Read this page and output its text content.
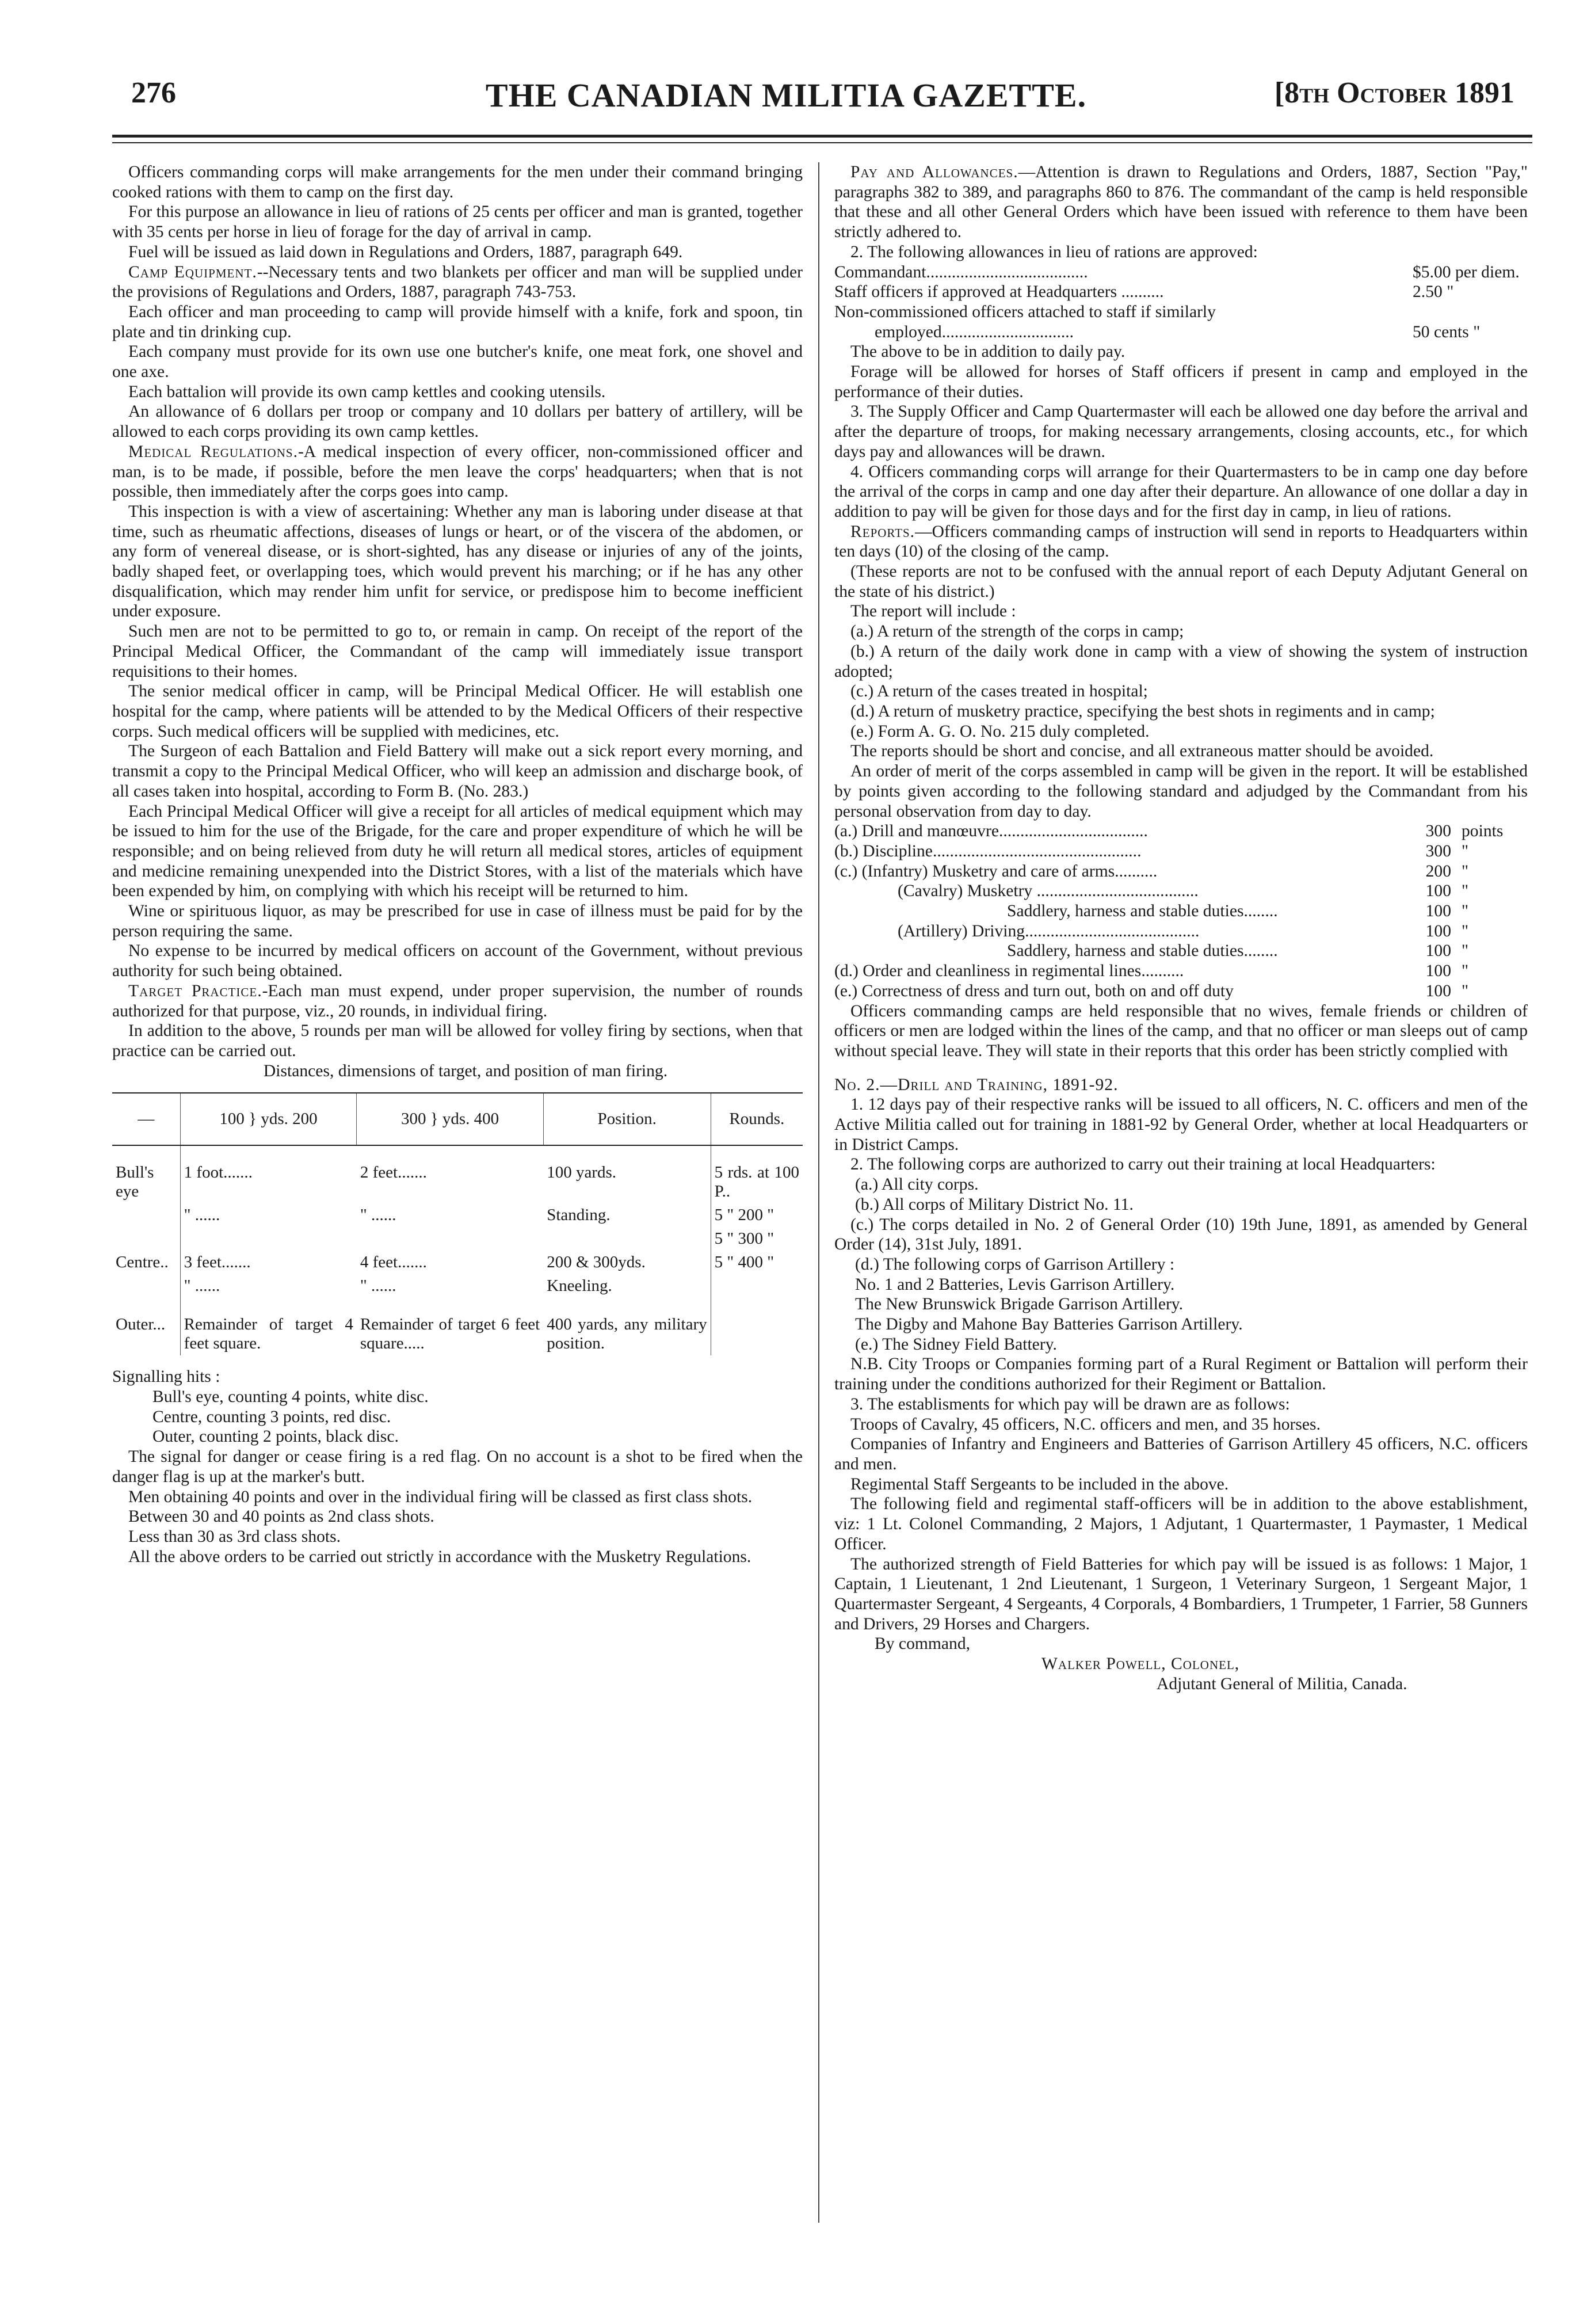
276	THE CANADIAN MILITIA GAZETTE.	[8th October 1891

Officers commanding corps will make arrangements for the men under their command bringing cooked rations with them to camp on the first day.

For this purpose an allowance in lieu of rations of 25 cents per officer and man is granted, together with 35 cents per horse in lieu of forage for the day of arrival in camp.

Fuel will be issued as laid down in Regulations and Orders, 1887, paragraph 649.

Camp Equipment.--Necessary tents and two blankets per officer and man will be supplied under the provisions of Regulations and Orders, 1887, paragraph 743-753.

Each officer and man proceeding to camp will provide himself with a knife, fork and spoon, tin plate and tin drinking cup.

Each company must provide for its own use one butcher's knife, one meat fork, one shovel and one axe.

Each battalion will provide its own camp kettles and cooking utensils.

An allowance of 6 dollars per troop or company and 10 dollars per battery of artillery, will be allowed to each corps providing its own camp kettles.

Medical Regulations.-A medical inspection of every officer, non-commissioned officer and man, is to be made, if possible, before the men leave the corps' headquarters; when that is not possible, then immediately after the corps goes into camp.

This inspection is with a view of ascertaining: Whether any man is laboring under disease at that time, such as rheumatic affections, diseases of lungs or heart, or of the viscera of the abdomen, or any form of venereal disease, or is short-sighted, has any disease or injuries of any of the joints, badly shaped feet, or overlapping toes, which would prevent his marching; or if he has any other disqualification, which may render him unfit for service, or predispose him to become inefficient under exposure.

Such men are not to be permitted to go to, or remain in camp. On receipt of the report of the Principal Medical Officer, the Commandant of the camp will immediately issue transport requisitions to their homes.

The senior medical officer in camp, will be Principal Medical Officer. He will establish one hospital for the camp, where patients will be attended to by the Medical Officers of their respective corps. Such medical officers will be supplied with medicines, etc.

The Surgeon of each Battalion and Field Battery will make out a sick report every morning, and transmit a copy to the Principal Medical Officer, who will keep an admission and discharge book, of all cases taken into hospital, according to Form B. (No. 283.)

Each Principal Medical Officer will give a receipt for all articles of medical equipment which may be issued to him for the use of the Brigade, for the care and proper expenditure of which he will be responsible; and on being relieved from duty he will return all medical stores, articles of equipment and medicine remaining unexpended into the District Stores, with a list of the materials which have been expended by him, on complying with which his receipt will be returned to him.

Wine or spirituous liquor, as may be prescribed for use in case of illness must be paid for by the person requiring the same.

No expense to be incurred by medical officers on account of the Government, without previous authority for such being obtained.

Target Practice.-Each man must expend, under proper supervision, the number of rounds authorized for that purpose, viz., 20 rounds, in individual firing.

In addition to the above, 5 rounds per man will be allowed for volley firing by sections, when that practice can be carried out.

Distances, dimensions of target, and position of man firing.

—	100 } yds. 200	300 } yds. 400	Position.	Rounds.
Bull's eye	1 foot.......	2 feet.......	100 yards.	5 rds. at 100 P..
	" ......	" ......	Standing.	5 " 200 "
				5 " 300 "
Centre..	3 feet.......	4 feet.......	200 & 300yds.	5 " 400 "
	" ......	" ......	Kneeling.	
Outer...	Remainder of target 4 feet square.	Remainder of target 6 feet square.....	400 yards, any military position.	

Signalling hits :

Bull's eye, counting 4 points, white disc.

Centre, counting 3 points, red disc.

Outer, counting 2 points, black disc.

The signal for danger or cease firing is a red flag. On no account is a shot to be fired when the danger flag is up at the marker's butt.

Men obtaining 40 points and over in the individual firing will be classed as first class shots.

Between 30 and 40 points as 2nd class shots.

Less than 30 as 3rd class shots.

All the above orders to be carried out strictly in accordance with the Musketry Regulations.

Pay and Allowances.—Attention is drawn to Regulations and Orders, 1887, Section "Pay," paragraphs 382 to 389, and paragraphs 860 to 876. The commandant of the camp is held responsible that these and all other General Orders which have been issued with reference to them have been strictly adhered to.

2. The following allowances in lieu of rations are approved:

Commandant......................................	$5.00 per diem.
Staff officers if approved at Headquarters ..........	2.50 "
Non-commissioned officers attached to staff if similarly
employed...............................	50 cents "

The above to be in addition to daily pay.

Forage will be allowed for horses of Staff officers if present in camp and employed in the performance of their duties.

3. The Supply Officer and Camp Quartermaster will each be allowed one day before the arrival and after the departure of troops, for making necessary arrangements, closing accounts, etc., for which days pay and allowances will be drawn.

4. Officers commanding corps will arrange for their Quartermasters to be in camp one day before the arrival of the corps in camp and one day after their departure. An allowance of one dollar a day in addition to pay will be given for those days and for the first day in camp, in lieu of rations.

Reports.—Officers commanding camps of instruction will send in reports to Headquarters within ten days (10) of the closing of the camp.

(These reports are not to be confused with the annual report of each Deputy Adjutant General on the state of his district.)

The report will include :

(a.) A return of the strength of the corps in camp;

(b.) A return of the daily work done in camp with a view of showing the system of instruction adopted;

(c.) A return of the cases treated in hospital;

(d.) A return of musketry practice, specifying the best shots in regiments and in camp;

(e.) Form A. G. O. No. 215 duly completed.

The reports should be short and concise, and all extraneous matter should be avoided.

An order of merit of the corps assembled in camp will be given in the report. It will be established by points given according to the following standard and adjudged by the Commandant from his personal observation from day to day.

(a.) Drill and manœuvre...................................	300 points
(b.) Discipline.................................................	300 "
(c.) (Infantry) Musketry and care of arms..........	200 "
(Cavalry) Musketry ......................................	100 "
Saddlery, harness and stable duties........	100 "
(Artillery) Driving.........................................	100 "
Saddlery, harness and stable duties........	100 "
(d.) Order and cleanliness in regimental lines..........	100 "
(e.) Correctness of dress and turn out, both on and off duty	100 "

Officers commanding camps are held responsible that no wives, female friends or children of officers or men are lodged within the lines of the camp, and that no officer or man sleeps out of camp without special leave. They will state in their reports that this order has been strictly complied with

No. 2.—Drill and Training, 1891-92.

1. 12 days pay of their respective ranks will be issued to all officers, N. C. officers and men of the Active Militia called out for training in 1881-92 by General Order, whether at local Headquarters or in District Camps.

2. The following corps are authorized to carry out their training at local Headquarters:

(a.) All city corps.

(b.) All corps of Military District No. 11.

(c.) The corps detailed in No. 2 of General Order (10) 19th June, 1891, as amended by General Order (14), 31st July, 1891.

(d.) The following corps of Garrison Artillery :

No. 1 and 2 Batteries, Levis Garrison Artillery.

The New Brunswick Brigade Garrison Artillery.

The Digby and Mahone Bay Batteries Garrison Artillery.

(e.) The Sidney Field Battery.

N.B. City Troops or Companies forming part of a Rural Regiment or Battalion will perform their training under the conditions authorized for their Regiment or Battalion.

3. The establisments for which pay will be drawn are as follows:

Troops of Cavalry, 45 officers, N.C. officers and men, and 35 horses.

Companies of Infantry and Engineers and Batteries of Garrison Artillery 45 officers, N.C. officers and men.

Regimental Staff Sergeants to be included in the above.

The following field and regimental staff-officers will be in addition to the above establishment, viz: 1 Lt. Colonel Commanding, 2 Majors, 1 Adjutant, 1 Quartermaster, 1 Paymaster, 1 Medical Officer.

The authorized strength of Field Batteries for which pay will be issued is as follows: 1 Major, 1 Captain, 1 Lieutenant, 1 2nd Lieutenant, 1 Surgeon, 1 Veterinary Surgeon, 1 Sergeant Major, 1 Quartermaster Sergeant, 4 Sergeants, 4 Corporals, 4 Bombardiers, 1 Trumpeter, 1 Farrier, 58 Gunners and Drivers, 29 Horses and Chargers.

By command,

Walker Powell, Colonel,

Adjutant General of Militia, Canada.
